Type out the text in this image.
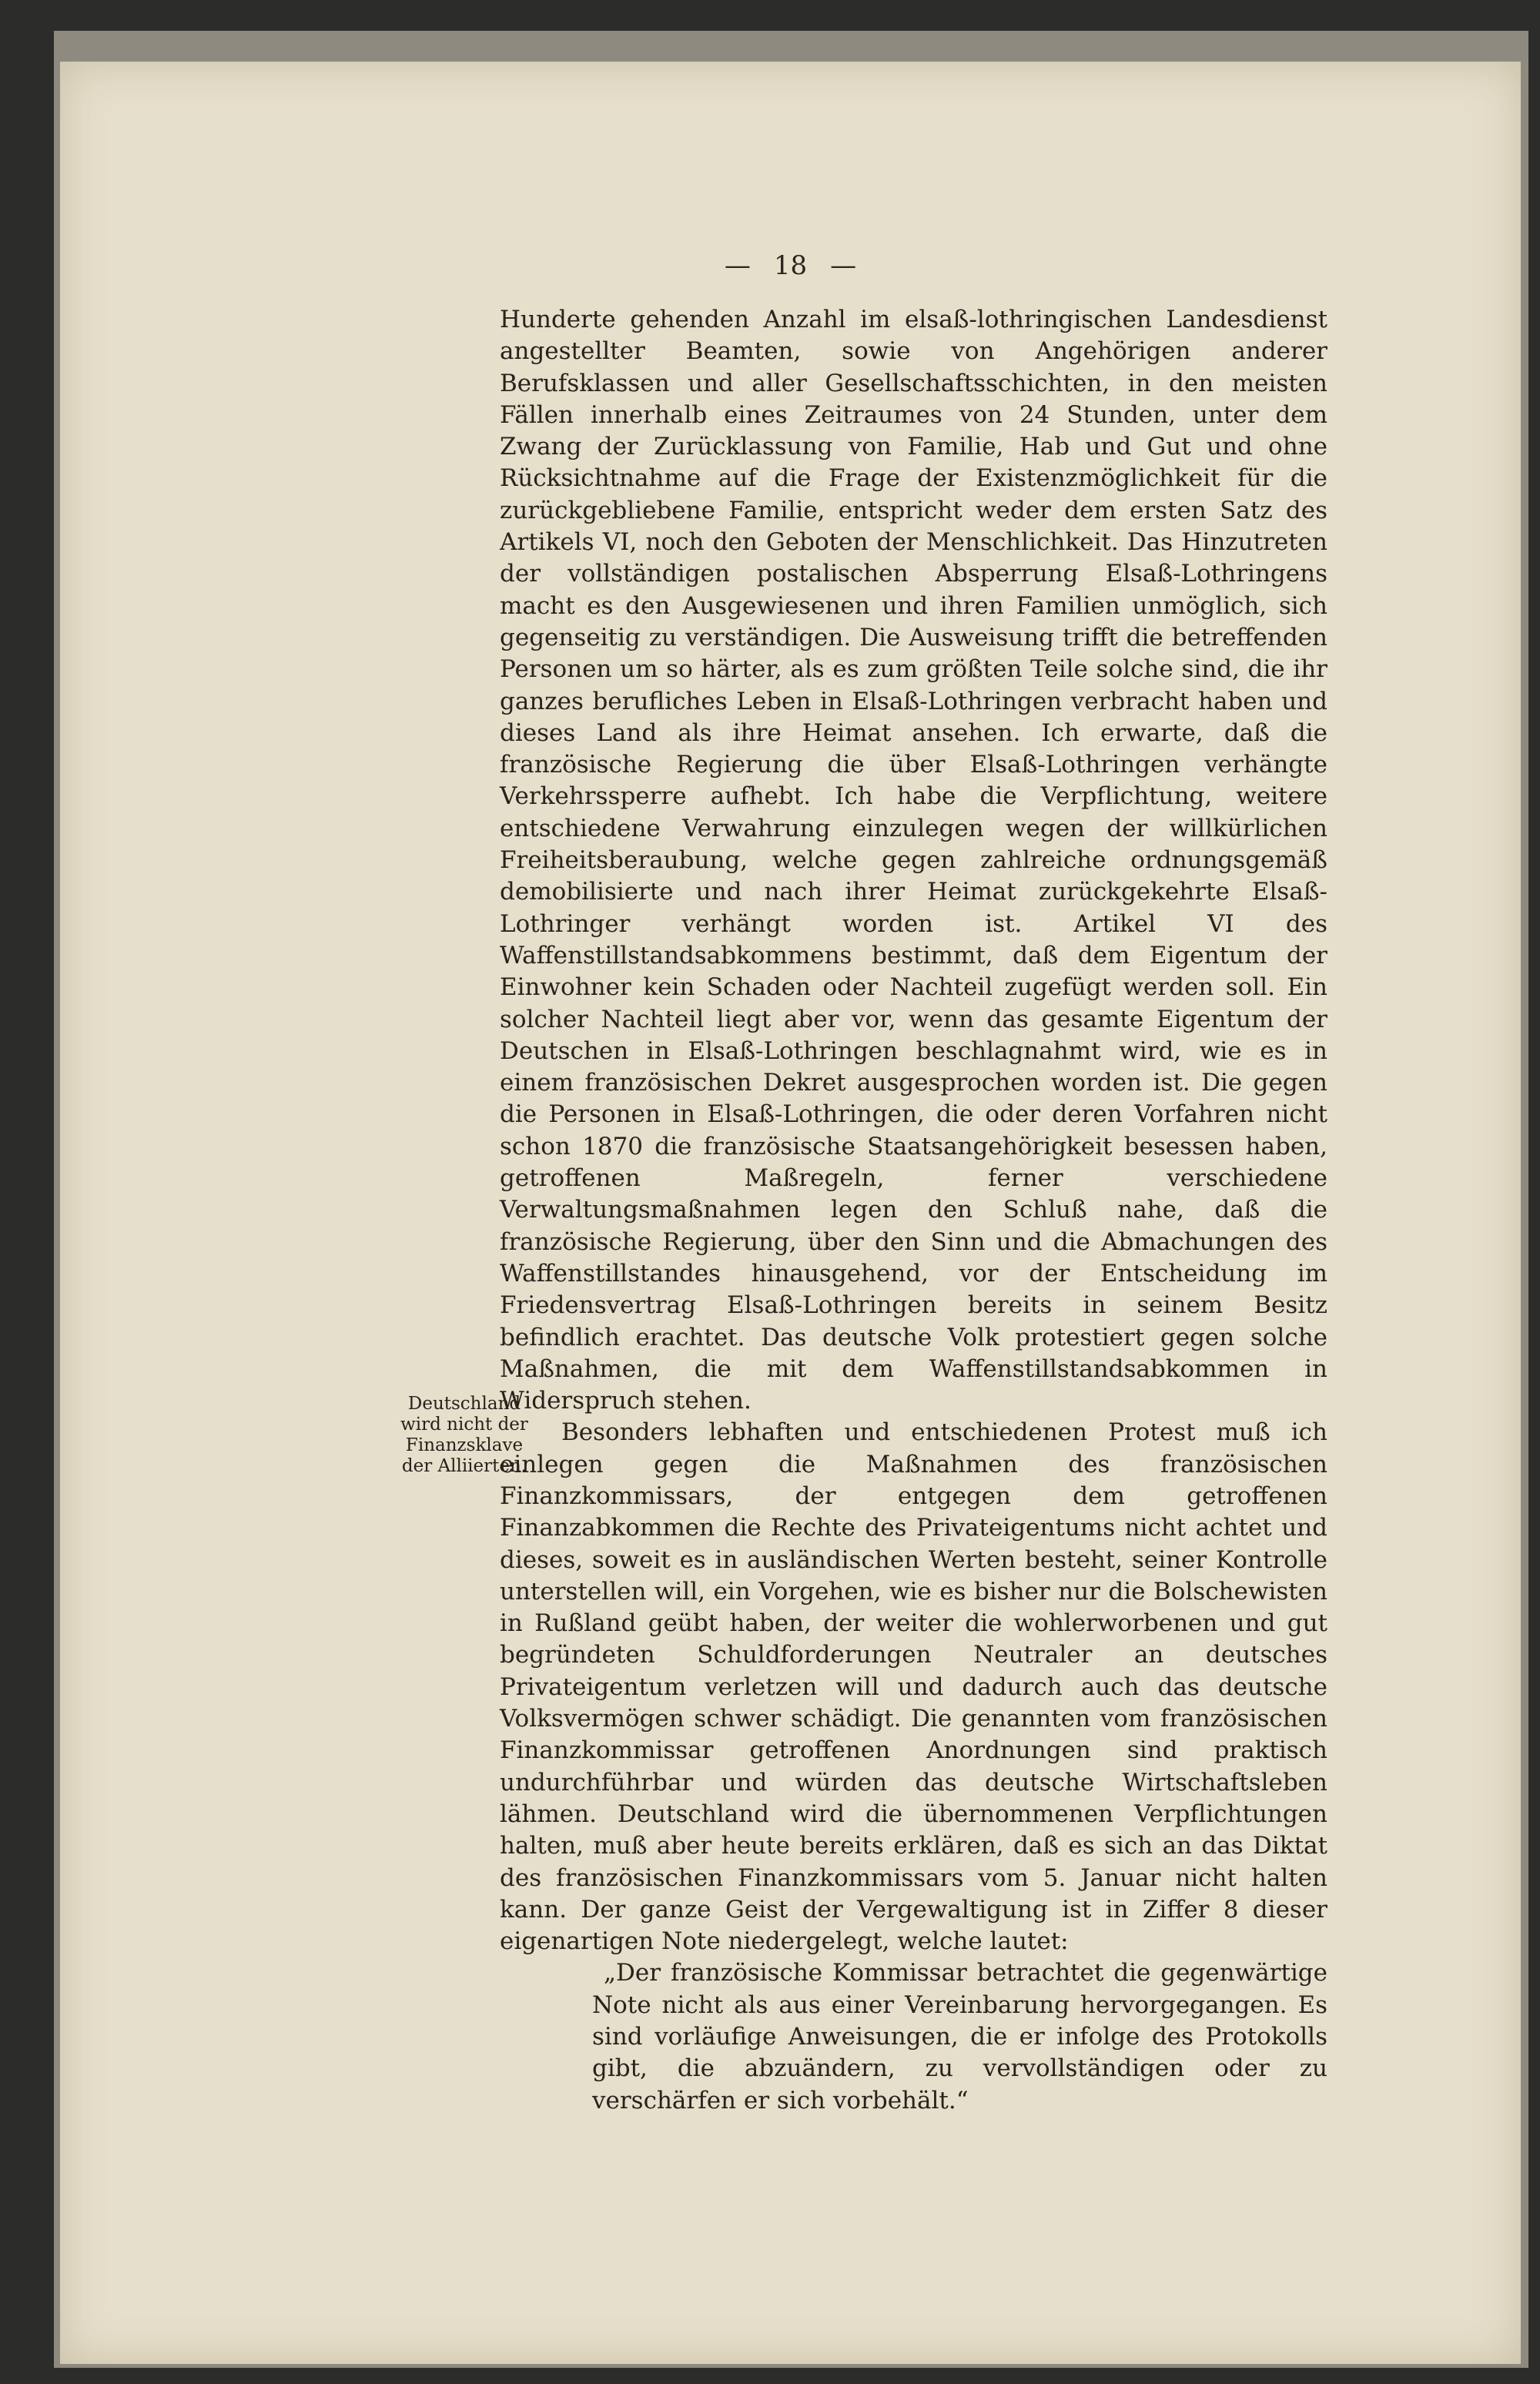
— 18 —

Hunderte gehenden Anzahl im elsaß-lothringischen Landesdienst angestellter Beamten, sowie von Angehörigen anderer Berufsklassen und aller Gesellschaftsschichten, in den meisten Fällen innerhalb eines Zeitraumes von 24 Stunden, unter dem Zwang der Zurücklassung von Familie, Hab und Gut und ohne Rücksichtnahme auf die Frage der Existenzmöglichkeit für die zurückgebliebene Familie, entspricht weder dem ersten Satz des Artikels VI, noch den Geboten der Menschlichkeit. Das Hinzutreten der vollständigen postalischen Absperrung Elsaß-Lothringens macht es den Ausgewiesenen und ihren Familien unmöglich, sich gegenseitig zu verständigen. Die Ausweisung trifft die betreffenden Personen um so härter, als es zum größten Teile solche sind, die ihr ganzes berufliches Leben in Elsaß-Lothringen verbracht haben und dieses Land als ihre Heimat ansehen. Ich erwarte, daß die französische Regierung die über Elsaß-Lothringen verhängte Verkehrssperre aufhebt. Ich habe die Verpflichtung, weitere entschiedene Verwahrung einzulegen wegen der willkürlichen Freiheitsberaubung, welche gegen zahlreiche ordnungsgemäß demobilisierte und nach ihrer Heimat zurückgekehrte Elsaß-Lothringer verhängt worden ist. Artikel VI des Waffenstillstandsabkommens bestimmt, daß dem Eigentum der Einwohner kein Schaden oder Nachteil zugefügt werden soll. Ein solcher Nachteil liegt aber vor, wenn das gesamte Eigentum der Deutschen in Elsaß-Lothringen beschlagnahmt wird, wie es in einem französischen Dekret ausgesprochen worden ist. Die gegen die Personen in Elsaß-Lothringen, die oder deren Vorfahren nicht schon 1870 die französische Staatsangehörigkeit besessen haben, getroffenen Maßregeln, ferner verschiedene Verwaltungsmaßnahmen legen den Schluß nahe, daß die französische Regierung, über den Sinn und die Abmachungen des Waffenstillstandes hinausgehend, vor der Entscheidung im Friedensvertrag Elsaß-Lothringen bereits in seinem Besitz befindlich erachtet. Das deutsche Volk protestiert gegen solche Maßnahmen, die mit dem Waffenstillstandsabkommen in Widerspruch stehen.

Besonders lebhaften und entschiedenen Protest muß ich einlegen gegen die Maßnahmen des französischen Finanzkommissars, der entgegen dem getroffenen Finanzabkommen die Rechte des Privateigentums nicht achtet und dieses, soweit es in ausländischen Werten besteht, seiner Kontrolle unterstellen will, ein Vorgehen, wie es bisher nur die Bolschewisten in Rußland geübt haben, der weiter die wohlerworbenen und gut begründeten Schuldforderungen Neutraler an deutsches Privateigentum verletzen will und dadurch auch das deutsche Volksvermögen schwer schädigt. Die genannten vom französischen Finanzkommissar getroffenen Anordnungen sind praktisch undurchführbar und würden das deutsche Wirtschaftsleben lähmen. Deutschland wird die übernommenen Verpflichtungen halten, muß aber heute bereits erklären, daß es sich an das Diktat des französischen Finanzkommissars vom 5. Januar nicht halten kann. Der ganze Geist der Vergewaltigung ist in Ziffer 8 dieser eigenartigen Note niedergelegt, welche lautet:

„Der französische Kommissar betrachtet die gegenwärtige Note nicht als aus einer Vereinbarung hervorgegangen. Es sind vorläufige Anweisungen, die er infolge des Protokolls gibt, die abzuändern, zu vervollständigen oder zu verschärfen er sich vorbehält.“

Deutschland
wird nicht der
Finanzsklave
der Alliierten.
